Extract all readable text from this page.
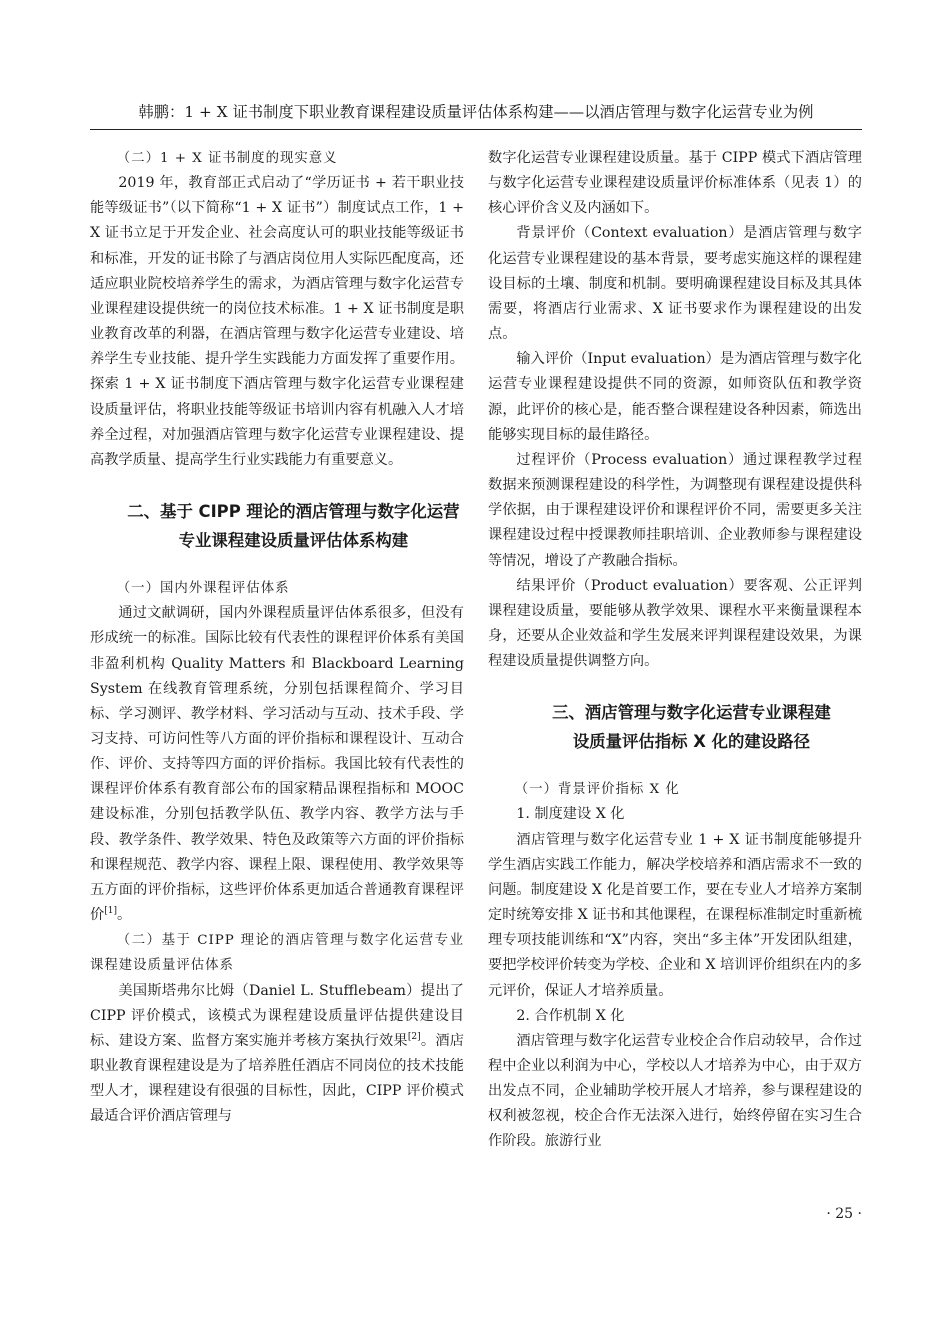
韩鹏：1 + X 证书制度下职业教育课程建设质量评估体系构建——以酒店管理与数字化运营专业为例

（二）1 + X 证书制度的现实意义

2019 年，教育部正式启动了“学历证书 + 若干职业技能等级证书”（以下简称“1 + X 证书”）制度试点工作，1 + X 证书立足于开发企业、社会高度认可的职业技能等级证书和标准，开发的证书除了与酒店岗位用人实际匹配度高，还适应职业院校培养学生的需求，为酒店管理与数字化运营专业课程建设提供统一的岗位技术标准。1 + X 证书制度是职业教育改革的利器，在酒店管理与数字化运营专业建设、培养学生专业技能、提升学生实践能力方面发挥了重要作用。探索 1 + X 证书制度下酒店管理与数字化运营专业课程建设质量评估，将职业技能等级证书培训内容有机融入人才培养全过程，对加强酒店管理与数字化运营专业课程建设、提高教学质量、提高学生行业实践能力有重要意义。

二、基于 CIPP 理论的酒店管理与数字化运营

专业课程建设质量评估体系构建

（一）国内外课程评估体系

通过文献调研，国内外课程质量评估体系很多，但没有形成统一的标准。国际比较有代表性的课程评价体系有美国非盈利机构 Quality Matters 和 Blackboard Learning System 在线教育管理系统，分别包括课程简介、学习目标、学习测评、教学材料、学习活动与互动、技术手段、学习支持、可访问性等八方面的评价指标和课程设计、互动合作、评价、支持等四方面的评价指标。我国比较有代表性的课程评价体系有教育部公布的国家精品课程指标和 MOOC 建设标准，分别包括教学队伍、教学内容、教学方法与手段、教学条件、教学效果、特色及政策等六方面的评价指标和课程规范、教学内容、课程上限、课程使用、教学效果等五方面的评价指标，这些评价体系更加适合普通教育课程评价[1]。

（二）基于 CIPP 理论的酒店管理与数字化运营专业课程建设质量评估体系

美国斯塔弗尔比姆（Daniel L. Stufflebeam）提出了 CIPP 评价模式，该模式为课程建设质量评估提供建设目标、建设方案、监督方案实施并考核方案执行效果[2]。酒店职业教育课程建设是为了培养胜任酒店不同岗位的技术技能型人才，课程建设有很强的目标性，因此，CIPP 评价模式最适合评价酒店管理与

数字化运营专业课程建设质量。基于 CIPP 模式下酒店管理与数字化运营专业课程建设质量评价标准体系（见表 1）的核心评价含义及内涵如下。

背景评价（Context evaluation）是酒店管理与数字化运营专业课程建设的基本背景，要考虑实施这样的课程建设目标的土壤、制度和机制。要明确课程建设目标及其具体需要，将酒店行业需求、X 证书要求作为课程建设的出发点。

输入评价（Input evaluation）是为酒店管理与数字化运营专业课程建设提供不同的资源，如师资队伍和教学资源，此评价的核心是，能否整合课程建设各种因素，筛选出能够实现目标的最佳路径。

过程评价（Process evaluation）通过课程教学过程数据来预测课程建设的科学性，为调整现有课程建设提供科学依据，由于课程建设评价和课程评价不同，需要更多关注课程建设过程中授课教师挂职培训、企业教师参与课程建设等情况，增设了产教融合指标。

结果评价（Product evaluation）要客观、公正评判课程建设质量，要能够从教学效果、课程水平来衡量课程本身，还要从企业效益和学生发展来评判课程建设效果，为课程建设质量提供调整方向。

三、酒店管理与数字化运营专业课程建

设质量评估指标 X 化的建设路径

（一）背景评价指标 X 化

1. 制度建设 X 化

酒店管理与数字化运营专业 1 + X 证书制度能够提升学生酒店实践工作能力，解决学校培养和酒店需求不一致的问题。制度建设 X 化是首要工作，要在专业人才培养方案制定时统筹安排 X 证书和其他课程，在课程标准制定时重新梳理专项技能训练和“X”内容，突出“多主体”开发团队组建，要把学校评价转变为学校、企业和 X 培训评价组织在内的多元评价，保证人才培养质量。

2. 合作机制 X 化

酒店管理与数字化运营专业校企合作启动较早，合作过程中企业以利润为中心，学校以人才培养为中心，由于双方出发点不同，企业辅助学校开展人才培养，参与课程建设的权利被忽视，校企合作无法深入进行，始终停留在实习生合作阶段。旅游行业

· 25 ·
